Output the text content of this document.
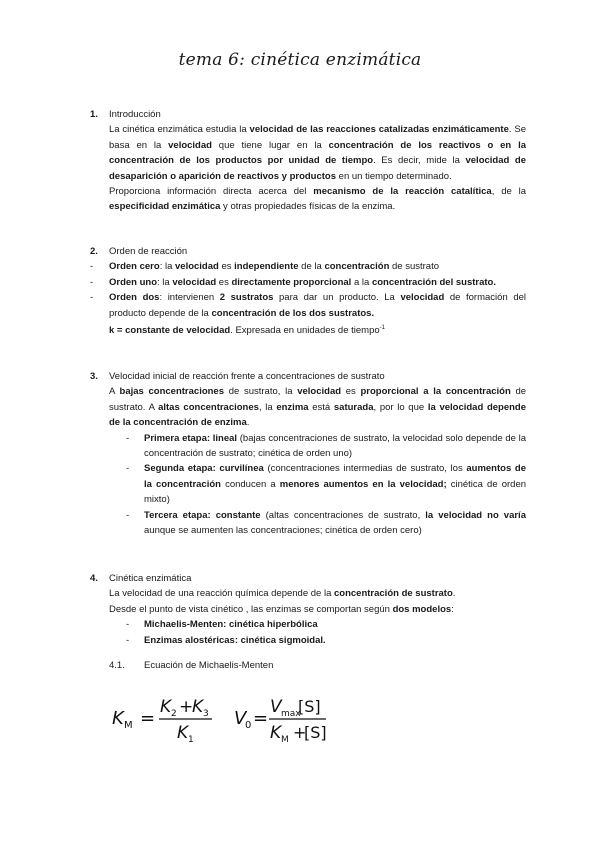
tema 6: cinética enzimática
1.	Introducción

La cinética enzimática estudia la velocidad de las reacciones catalizadas enzimáticamente. Se basa en la velocidad que tiene lugar en la concentración de los reactivos o en la concentración de los productos por unidad de tiempo. Es decir, mide la velocidad de desaparición o aparición de reactivos y productos en un tiempo determinado.

Proporciona información directa acerca del mecanismo de la reacción catalítica, de la especificidad enzimática y otras propiedades físicas de la enzima.

2.	Orden de reacción
-	Orden cero: la velocidad es independiente de la concentración de sustrato
-	Orden uno: la velocidad es directamente proporcional a la concentración del sustrato.
-	Orden dos: intervienen 2 sustratos para dar un producto. La velocidad de formación del producto depende de la concentración de los dos sustratos.
k = constante de velocidad. Expresada en unidades de tiempo$^{-1}$
3.	Velocidad inicial de reacción frente a concentraciones de sustrato

A bajas concentraciones de sustrato, la velocidad es proporcional a la concentración de sustrato. A altas concentraciones, la enzima está saturada, por lo que la velocidad depende de la concentración de enzima.

-	Primera etapa: lineal (bajas concentraciones de sustrato, la velocidad solo depende de la concentración de sustrato; cinética de orden uno)
-	Segunda etapa: curvilínea (concentraciones intermedias de sustrato, los aumentos de la concentración conducen a menores aumentos en la velocidad; cinética de orden mixto)
-	Tercera etapa: constante (altas concentraciones de sustrato, la velocidad no varía aunque se aumenten las concentraciones; cinética de orden cero)
4.	Cinética enzimática

La velocidad de una reacción química depende de la concentración de sustrato.

Desde el punto de vista cinético , las enzimas se comportan según dos modelos:

-	Michaelis-Menten: cinética hiperbólica
-	Enzimas alostéricas: cinética sigmoidal.
4.1.	Ecuación de Michaelis-Menten
K M =
K 2 +
K 3
K 1
V
0 =
V max
[S]
K M +
[S]
